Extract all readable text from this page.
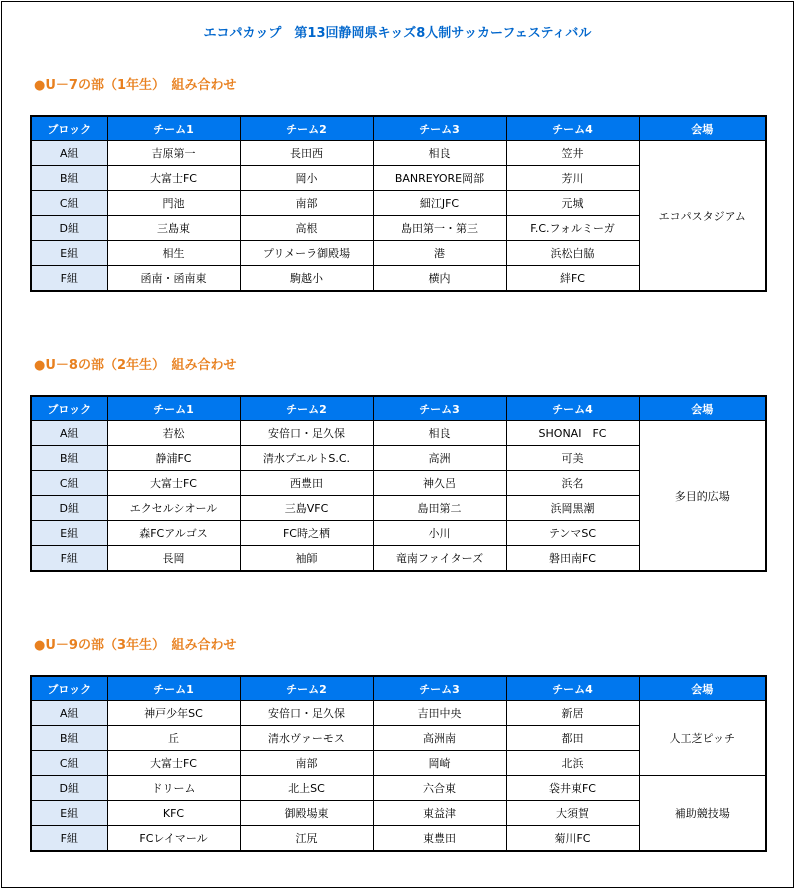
エコパカップ　第13回静岡県キッズ8人制サッカーフェスティバル
●U－7の部（1年生）　組み合わせ
ブロック	チーム1	チーム2	チーム3	チーム4	会場
A組	吉原第一	長田西	相良	笠井	エコパスタジアム
B組	大富士FC	岡小	BANREYORE岡部	芳川	
C組	門池	南部	細江JFC	元城	
D組	三島東	高根	島田第一・第三	F.C.フォルミーガ	
E組	相生	プリメーラ御殿場	港	浜松白脇	
F組	函南・函南東	駒越小	横内	絆FC	
●U－8の部（2年生）　組み合わせ
ブロック	チーム1	チーム2	チーム3	チーム4	会場
A組	若松	安倍口・足久保	相良	SHONAI　FC	多目的広場
B組	静浦FC	清水プエルトS.C.	高洲	可美	
C組	大富士FC	西豊田	神久呂	浜名	
D組	エクセルシオール	三島VFC	島田第二	浜岡黒潮	
E組	森FCアルゴス	FC時之栖	小川	テンマSC	
F組	長岡	袖師	竜南ファイターズ	磐田南FC	
●U－9の部（3年生）　組み合わせ
ブロック	チーム1	チーム2	チーム3	チーム4	会場
A組	神戸少年SC	安倍口・足久保	吉田中央	新居	人工芝ピッチ
B組	丘	清水ヴァーモス	高洲南	都田	
C組	大富士FC	南部	岡崎	北浜	
D組	ドリーム	北上SC	六合東	袋井東FC	補助競技場
E組	KFC	御殿場東	東益津	大須賀	
F組	FCレイマール	江尻	東豊田	菊川FC	
